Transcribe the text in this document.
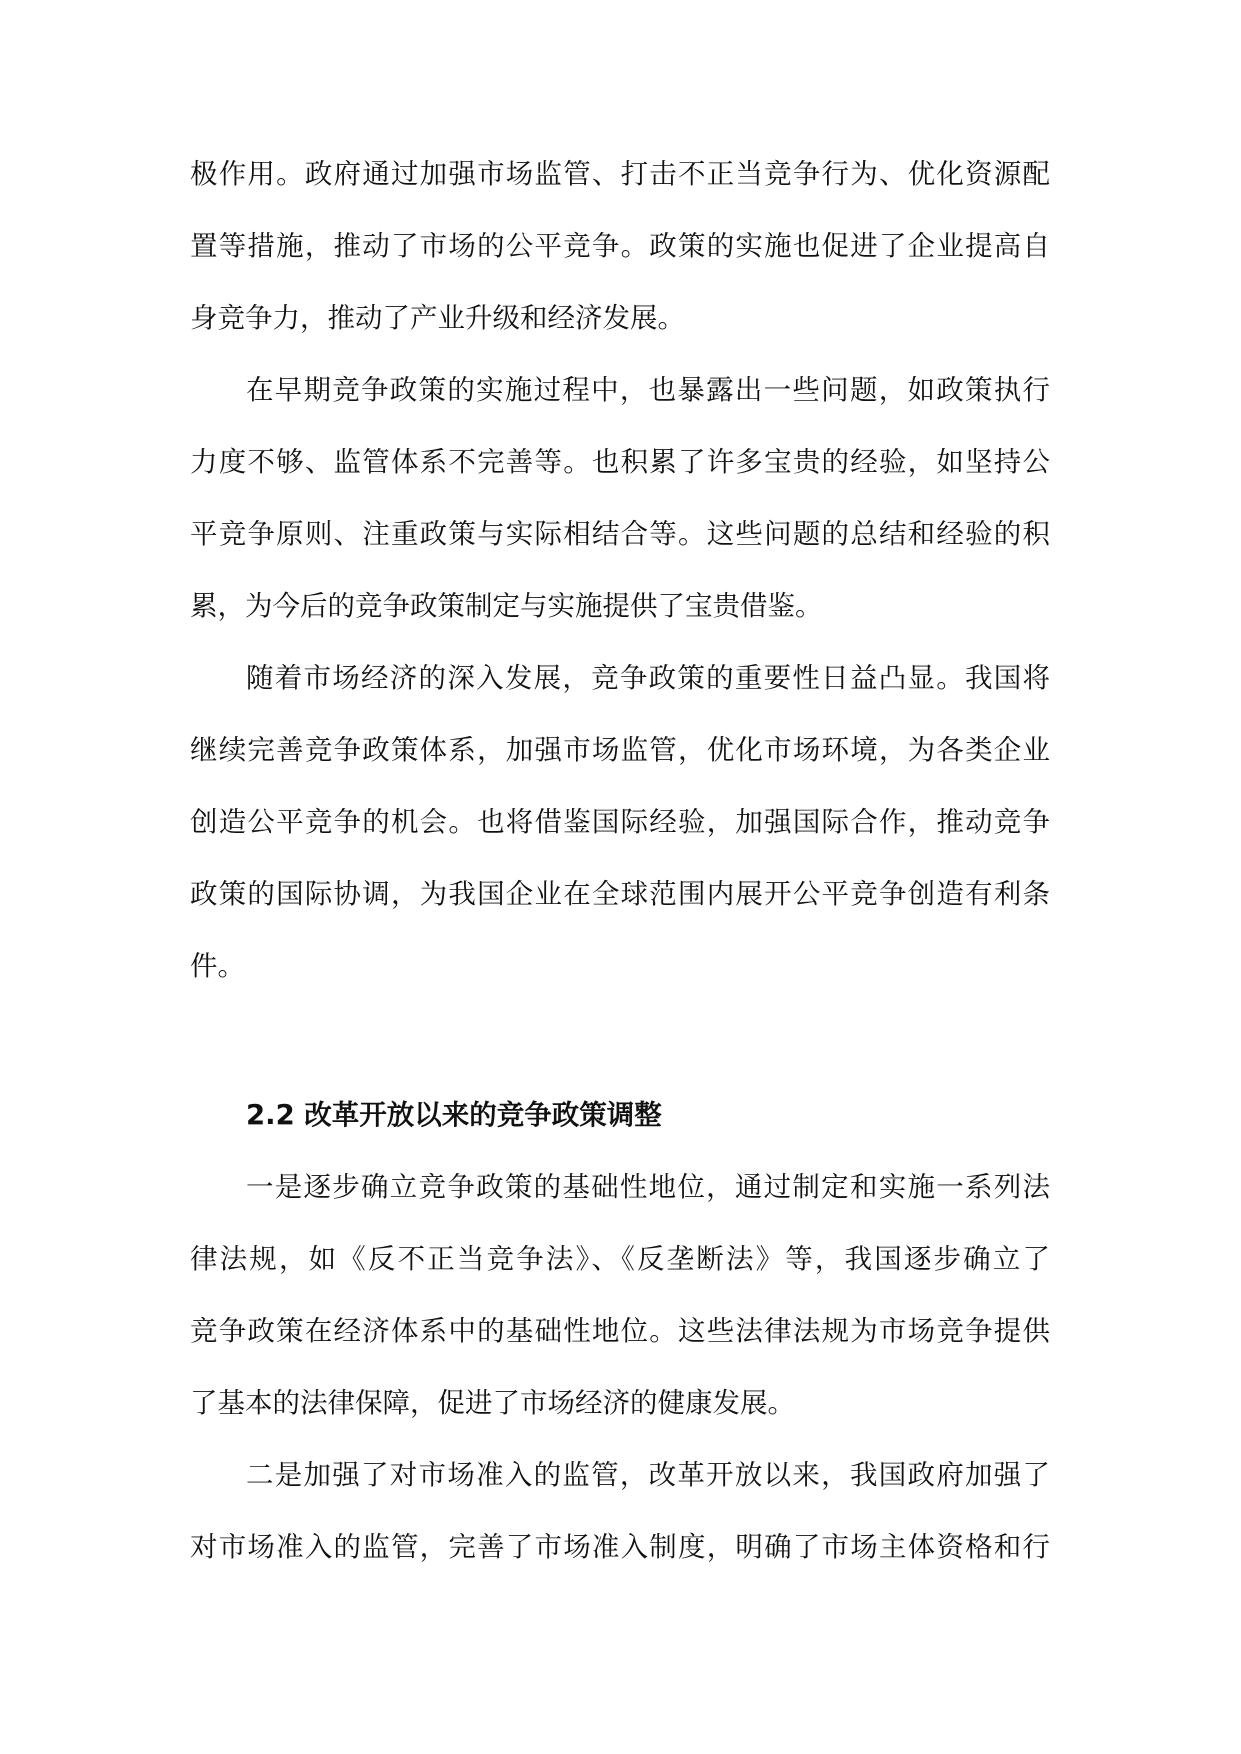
极作用。政府通过加强市场监管、打击不正当竞争行为、优化资源配
置等措施，推动了市场的公平竞争。政策的实施也促进了企业提高自
身竞争力，推动了产业升级和经济发展。
在早期竞争政策的实施过程中，也暴露出一些问题，如政策执行
力度不够、监管体系不完善等。也积累了许多宝贵的经验，如坚持公
平竞争原则、注重政策与实际相结合等。这些问题的总结和经验的积
累，为今后的竞争政策制定与实施提供了宝贵借鉴。
随着市场经济的深入发展，竞争政策的重要性日益凸显。我国将
继续完善竞争政策体系，加强市场监管，优化市场环境，为各类企业
创造公平竞争的机会。也将借鉴国际经验，加强国际合作，推动竞争
政策的国际协调，为我国企业在全球范围内展开公平竞争创造有利条
件。
2.2 改革开放以来的竞争政策调整
一是逐步确立竞争政策的基础性地位，通过制定和实施一系列法
律法规，如《反不正当竞争法》、《反垄断法》等，我国逐步确立了
竞争政策在经济体系中的基础性地位。这些法律法规为市场竞争提供
了基本的法律保障，促进了市场经济的健康发展。
二是加强了对市场准入的监管，改革开放以来，我国政府加强了
对市场准入的监管，完善了市场准入制度，明确了市场主体资格和行
